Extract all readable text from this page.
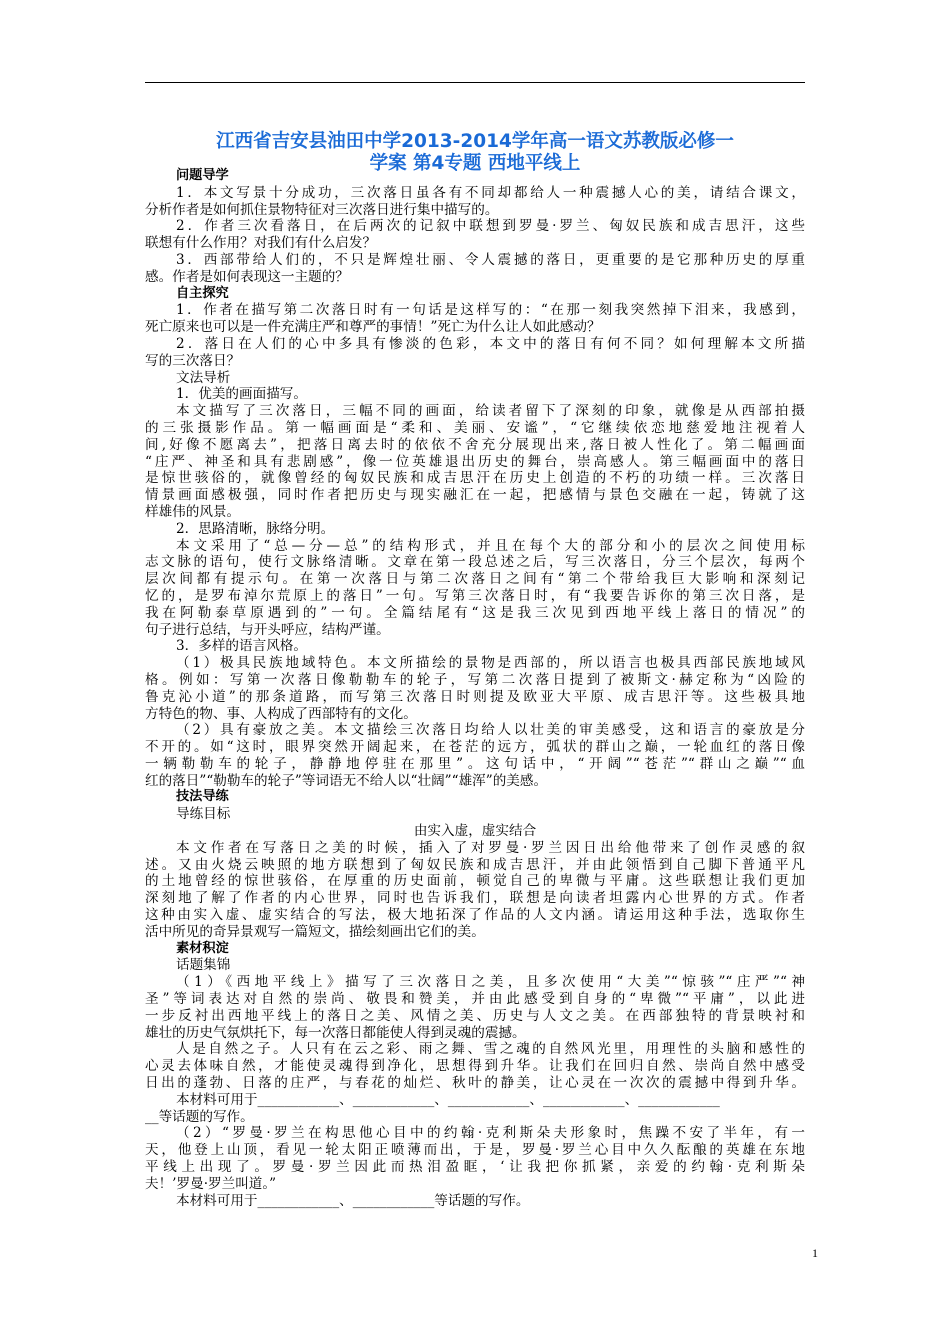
江西省吉安县油田中学2013-2014学年高一语文苏教版必修一
学案 第4专题 西地平线上
问题导学
1．本文写景十分成功，三次落日虽各有不同却都给人一种震撼人心的美，请结合课文，
分析作者是如何抓住景物特征对三次落日进行集中描写的。
2．作者三次看落日，在后两次的记叙中联想到罗曼·罗兰、匈奴民族和成吉思汗，这些
联想有什么作用？对我们有什么启发？
3．西部带给人们的，不只是辉煌壮丽、令人震撼的落日，更重要的是它那种历史的厚重
感。作者是如何表现这一主题的？
自主探究
1．作者在描写第二次落日时有一句话是这样写的：“在那一刻我突然掉下泪来，我感到，
死亡原来也可以是一件充满庄严和尊严的事情！”死亡为什么让人如此感动？
2．落日在人们的心中多具有惨淡的色彩，本文中的落日有何不同？如何理解本文所描
写的三次落日？
文法导析
1．优美的画面描写。
本文描写了三次落日，三幅不同的画面，给读者留下了深刻的印象，就像是从西部拍摄
的三张摄影作品。第一幅画面是“柔和、美丽、安谧”，“它继续依恋地慈爱地注视着人
间,好像不愿离去”，把落日离去时的依依不舍充分展现出来,落日被人性化了。第二幅画面
“庄严、神圣和具有悲剧感”，像一位英雄退出历史的舞台，崇高感人。第三幅画面中的落日
是惊世骇俗的，就像曾经的匈奴民族和成吉思汗在历史上创造的不朽的功绩一样。三次落日
情景画面感极强，同时作者把历史与现实融汇在一起，把感情与景色交融在一起，铸就了这
样雄伟的风景。
2．思路清晰，脉络分明。
本文采用了“总—分—总”的结构形式，并且在每个大的部分和小的层次之间使用标
志文脉的语句，使行文脉络清晰。文章在第一段总述之后，写三次落日，分三个层次，每两个
层次间都有提示句。在第一次落日与第二次落日之间有“第二个带给我巨大影响和深刻记
忆的，是罗布淖尔荒原上的落日”一句。写第三次落日时，有“我要告诉你的第三次日落，是
我在阿勒泰草原遇到的”一句。全篇结尾有“这是我三次见到西地平线上落日的情况”的
句子进行总结，与开头呼应，结构严谨。
3．多样的语言风格。
（1）极具民族地域特色。本文所描绘的景物是西部的，所以语言也极具西部民族地域风
格。例如：写第一次落日像勒勒车的轮子，写第二次落日提到了被斯文·赫定称为“凶险的
鲁克沁小道”的那条道路，而写第三次落日时则提及欧亚大平原、成吉思汗等。这些极具地
方特色的物、事、人构成了西部特有的文化。
（2）具有豪放之美。本文描绘三次落日均给人以壮美的审美感受，这和语言的豪放是分
不开的。如“这时，眼界突然开阔起来，在苍茫的远方，弧状的群山之巅，一轮血红的落日像
一辆勒勒车的轮子，静静地停驻在那里”。这句话中，“开阔”“苍茫”“群山之巅”“血
红的落日”“勒勒车的轮子”等词语无不给人以“壮阔”“雄浑”的美感。
技法导练
导练目标
由实入虚，虚实结合
本文作者在写落日之美的时候，插入了对罗曼·罗兰因日出给他带来了创作灵感的叙
述。又由火烧云映照的地方联想到了匈奴民族和成吉思汗，并由此领悟到自己脚下普通平凡
的土地曾经的惊世骇俗，在厚重的历史面前，顿觉自己的卑微与平庸。这些联想让我们更加
深刻地了解了作者的内心世界，同时也告诉我们，联想是向读者坦露内心世界的方式。作者
这种由实入虚、虚实结合的写法，极大地拓深了作品的人文内涵。请运用这种手法，选取你生
活中所见的奇异景观写一篇短文，描绘刻画出它们的美。
素材积淀
话题集锦
（1）《西地平线上》描写了三次落日之美，且多次使用“大美”“惊骇”“庄严”“神
圣”等词表达对自然的崇尚、敬畏和赞美，并由此感受到自身的“卑微”“平庸”，以此进
一步反衬出西地平线上的落日之美、风情之美、历史与人文之美。在西部独特的背景映衬和
雄壮的历史气氛烘托下，每一次落日都能使人得到灵魂的震撼。
人是自然之子。人只有在云之彩、雨之舞、雪之魂的自然风光里，用理性的头脑和感性的
心灵去体味自然，才能使灵魂得到净化，思想得到升华。让我们在回归自然、崇尚自然中感受
日出的蓬勃、日落的庄严，与春花的灿烂、秋叶的静美，让心灵在一次次的震撼中得到升华。
本材料可用于____________、____________、____________、____________、____________
__等话题的写作。
（2）“罗曼·罗兰在构思他心目中的约翰·克利斯朵夫形象时，焦躁不安了半年，有一
天，他登上山顶，看见一轮太阳正喷薄而出，于是，罗曼·罗兰心目中久久酝酿的英雄在东地
平线上出现了。罗曼·罗兰因此而热泪盈眶，‘让我把你抓紧，亲爱的约翰·克利斯朵
夫！’罗曼·罗兰叫道。”
本材料可用于____________、____________等话题的写作。
1
